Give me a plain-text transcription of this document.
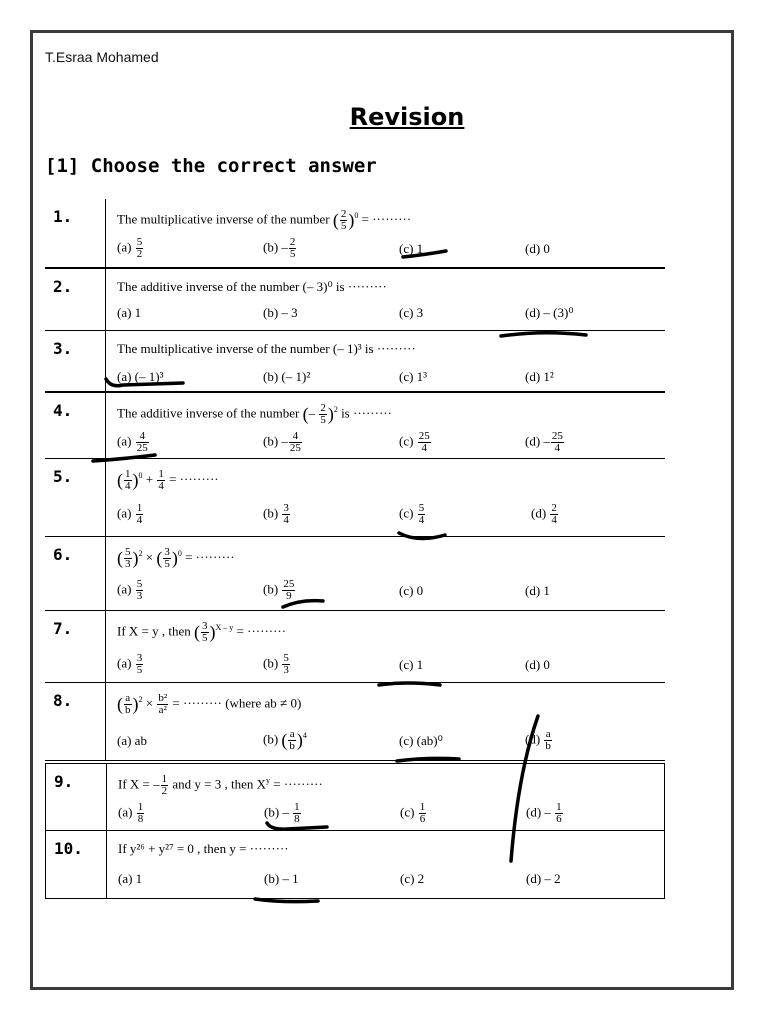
T.Esraa Mohamed
Revision
[1] Choose the correct answer
1.	The multiplicative inverse of the number ( $\frac{2}{5} )^0$ = ·········
$(a) \frac{5}{2}$	$(b) - \frac{2}{5}$	(c) 1	(d) 0
2.	The additive inverse of the number (– 3)⁰ is ·········
(a) 1	(b) – 3	(c) 3	(d) – (3)⁰
3.	The multiplicative inverse of the number (– 1)³ is ·········
(a) (– 1)³	(b) (– 1)²	(c) 1³	(d) 1²
4.	The additive inverse of the number (– $\frac{2}{5} )^2$ is ·········
$(a) \frac{4}{25}$	$(b) - \frac{4}{25}$	$(c) \frac{25}{4}$	$(d) - \frac{25}{4}$
5. ( $\frac{1}{4} )^0 + \frac{1}{4}$ = ·········
$(a) \frac{1}{4}$	$(b) \frac{3}{4}$	$(c) \frac{5}{4}$	$(d) \frac{2}{4}$
6. ( $\frac{5}{3} )^2$ × ( $\frac{3}{5} )^0$ = ·········
$(a) \frac{5}{3}$	$(b) \frac{25}{9}$	(c) 0	(d) 1
7.	If X = y , then ( $\frac{3}{5} )^{X - y}$ = ·········
$(a) \frac{3}{5}$	$(b) \frac{5}{3}$	(c) 1	(d) 0
8. ( $\frac{a}{b} )^2 \times \frac{\text{b²}}{\text{a²}}$ = ········· (where ab ≠ 0)
(a) ab	(b) ( $\frac{a}{b} )^4$	(c) (ab)⁰	$(d) \frac{a}{b}$
9.	If X = – $\frac{1}{2}$ and y = 3 , then $X^y$ = ·········
$(a) \frac{1}{8}$	$(b) - \frac{1}{8}$	$(c) \frac{1}{6}$	$(d) - \frac{1}{6}$
10.	If y²⁶ + y²⁷ = 0 , then y = ·········
(a) 1	(b) – 1	(c) 2	(d) – 2
